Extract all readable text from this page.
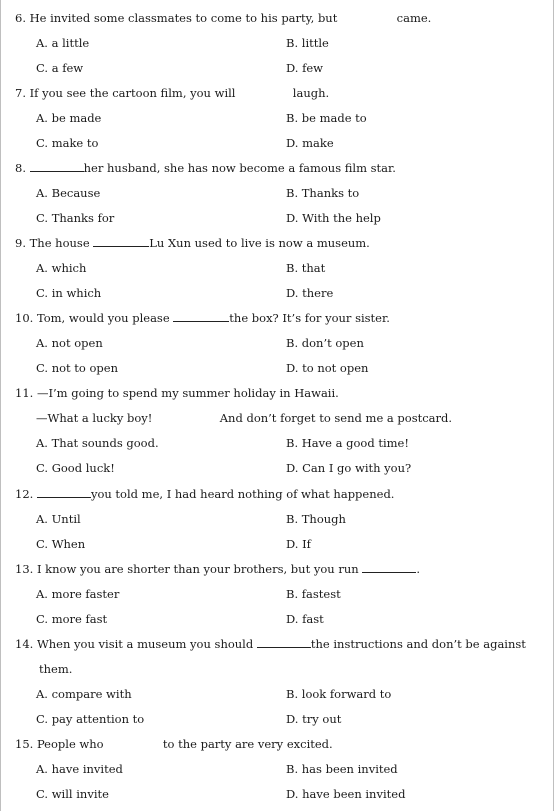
6. He invited some classmates to come to his party, but	came.
A. a little	B. little
C. a few	D. few
7. If you see the cartoon film, you will	laugh.
A. be made	B. be made to
C. make to	D. make
8.	her husband, she has now become a famous film star.
A. Because	B. Thanks to
C. Thanks for	D. With the help
9. The house	Lu Xun used to live is now a museum.
A. which	B. that
C. in which	D. there
10. Tom, would you please	the box? It’s for your sister.
A. not open	B. don’t open
C. not to open	D. to not open
11. —I’m going to spend my summer holiday in Hawaii.
—What a lucky boy!	And don’t forget to send me a postcard.
A. That sounds good.	B. Have a good time!
C. Good luck!	D. Can I go with you?
12.	you told me, I had heard nothing of what happened.
A. Until	B. Though
C. When	D. If
13. I know you are shorter than your brothers, but you run	.
A. more faster	B. fastest
C. more fast	D. fast
14. When you visit a museum you should	the instructions and don’t be against
them.
A. compare with	B. look forward to
C. pay attention to	D. try out
15. People who	to the party are very excited.
A. have invited	B. has been invited
C. will invite	D. have been invited
